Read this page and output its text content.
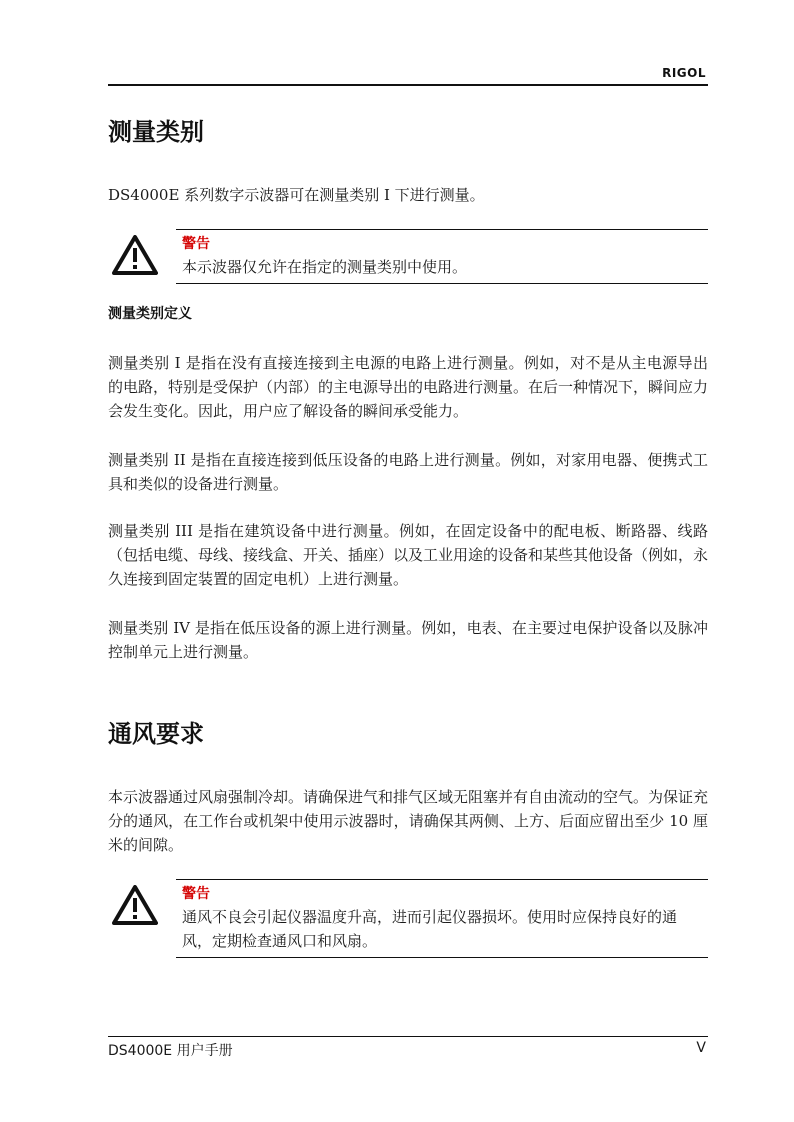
RIGOL
测量类别

DS4000E 系列数字示波器可在测量类别 I 下进行测量。

警告
本示波器仅允许在指定的测量类别中使用。
测量类别定义

测量类别 I 是指在没有直接连接到主电源的电路上进行测量。例如，对不是从主电源导出的电路，特别是受保护（内部）的主电源导出的电路进行测量。在后一种情况下，瞬间应力会发生变化。因此，用户应了解设备的瞬间承受能力。

测量类别 II 是指在直接连接到低压设备的电路上进行测量。例如，对家用电器、便携式工具和类似的设备进行测量。

测量类别 III 是指在建筑设备中进行测量。例如，在固定设备中的配电板、断路器、线路（包括电缆、母线、接线盒、开关、插座）以及工业用途的设备和某些其他设备（例如，永久连接到固定装置的固定电机）上进行测量。

测量类别 IV 是指在低压设备的源上进行测量。例如，电表、在主要过电保护设备以及脉冲控制单元上进行测量。

通风要求

本示波器通过风扇强制冷却。请确保进气和排气区域无阻塞并有自由流动的空气。为保证充分的通风，在工作台或机架中使用示波器时，请确保其两侧、上方、后面应留出至少 10 厘米的间隙。

警告
通风不良会引起仪器温度升高，进而引起仪器损坏。使用时应保持良好的通风，定期检查通风口和风扇。
DS4000E 用户手册	V
